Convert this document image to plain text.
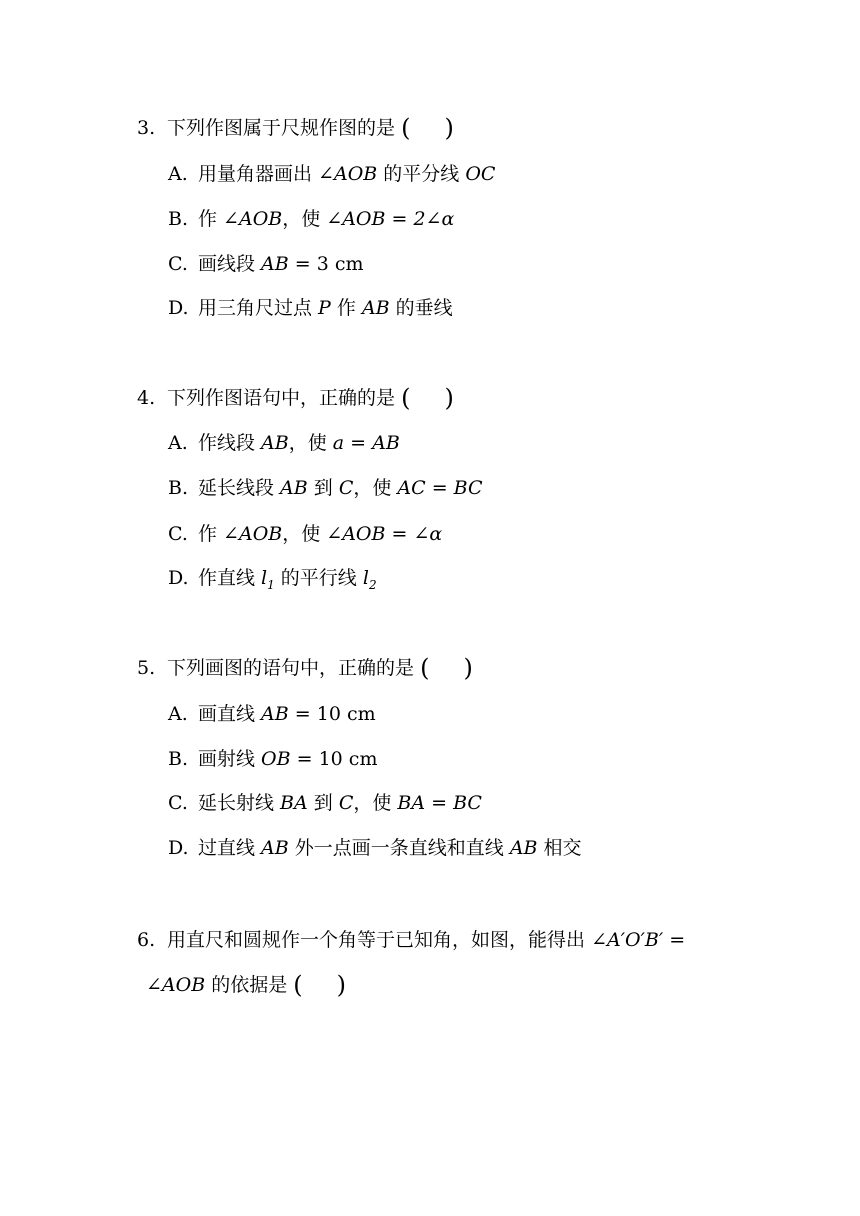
3. 下列作图属于尺规作图的是 ( )
A. 用量角器画出 ∠AOB 的平分线 OC
B. 作 ∠AOB，使 ∠AOB = 2∠α
C. 画线段 AB = 3 cm
D. 用三角尺过点 P 作 AB 的垂线
4. 下列作图语句中，正确的是 ( )
A. 作线段 AB，使 a = AB
B. 延长线段 AB 到 C，使 AC = BC
C. 作 ∠AOB，使 ∠AOB = ∠α
D. 作直线 $l_1$ 的平行线 $l_2$
5. 下列画图的语句中，正确的是 ( )
A. 画直线 AB = 10 cm
B. 画射线 OB = 10 cm
C. 延长射线 BA 到 C，使 BA = BC
D. 过直线 AB 外一点画一条直线和直线 AB 相交
6. 用直尺和圆规作一个角等于已知角，如图，能得出 ∠A′O′B′ =
∠AOB 的依据是 ( )
